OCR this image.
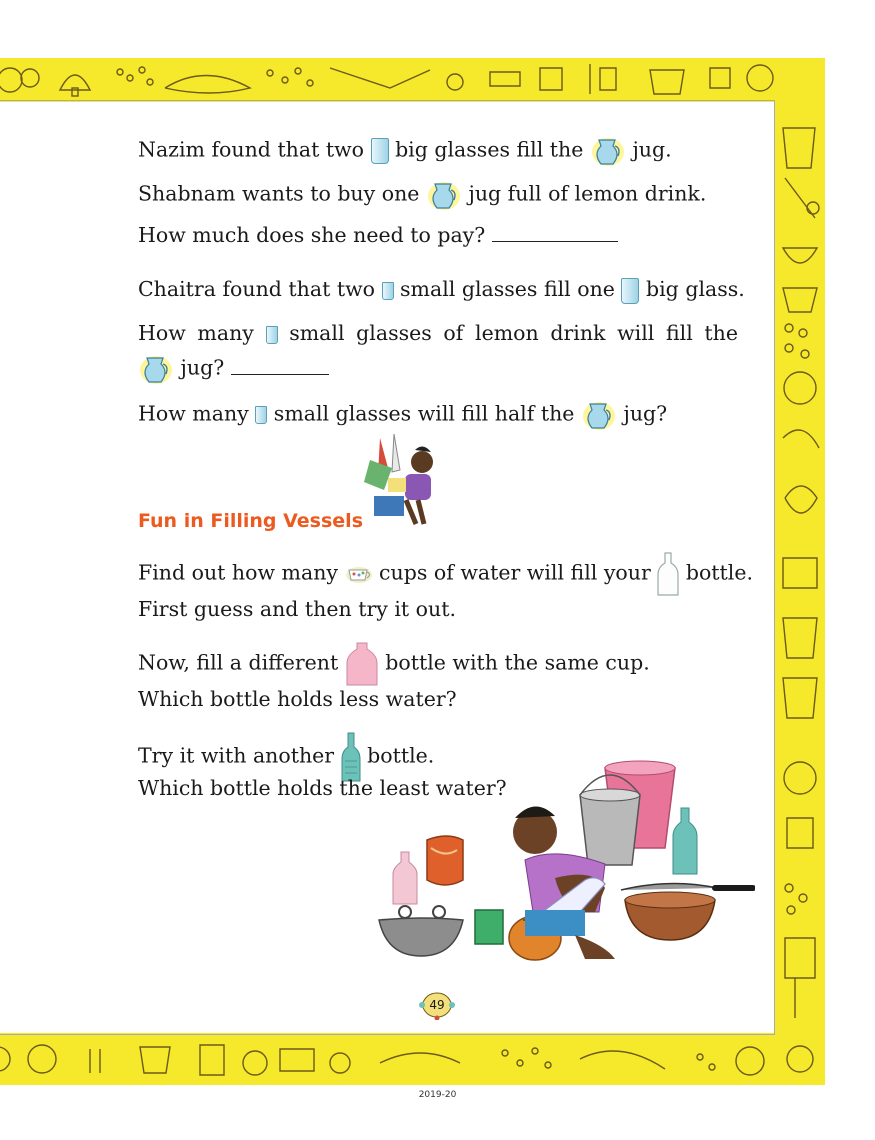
Nazim found that two big glasses fill the jug.
Shabnam wants to buy one jug full of lemon drink.
How much does she need to pay?
Chaitra found that two small glasses fill one big glass.
How many small glasses of lemon drink will fill the
jug?
How many small glasses will fill half the jug?
Fun in Filling Vessels
Find out how many cups of water will fill your bottle.
First guess and then try it out.
Now, fill a different bottle with the same cup.
Which bottle holds less water?
Try it with another bottle.
Which bottle holds the least water?
49
2019-20
